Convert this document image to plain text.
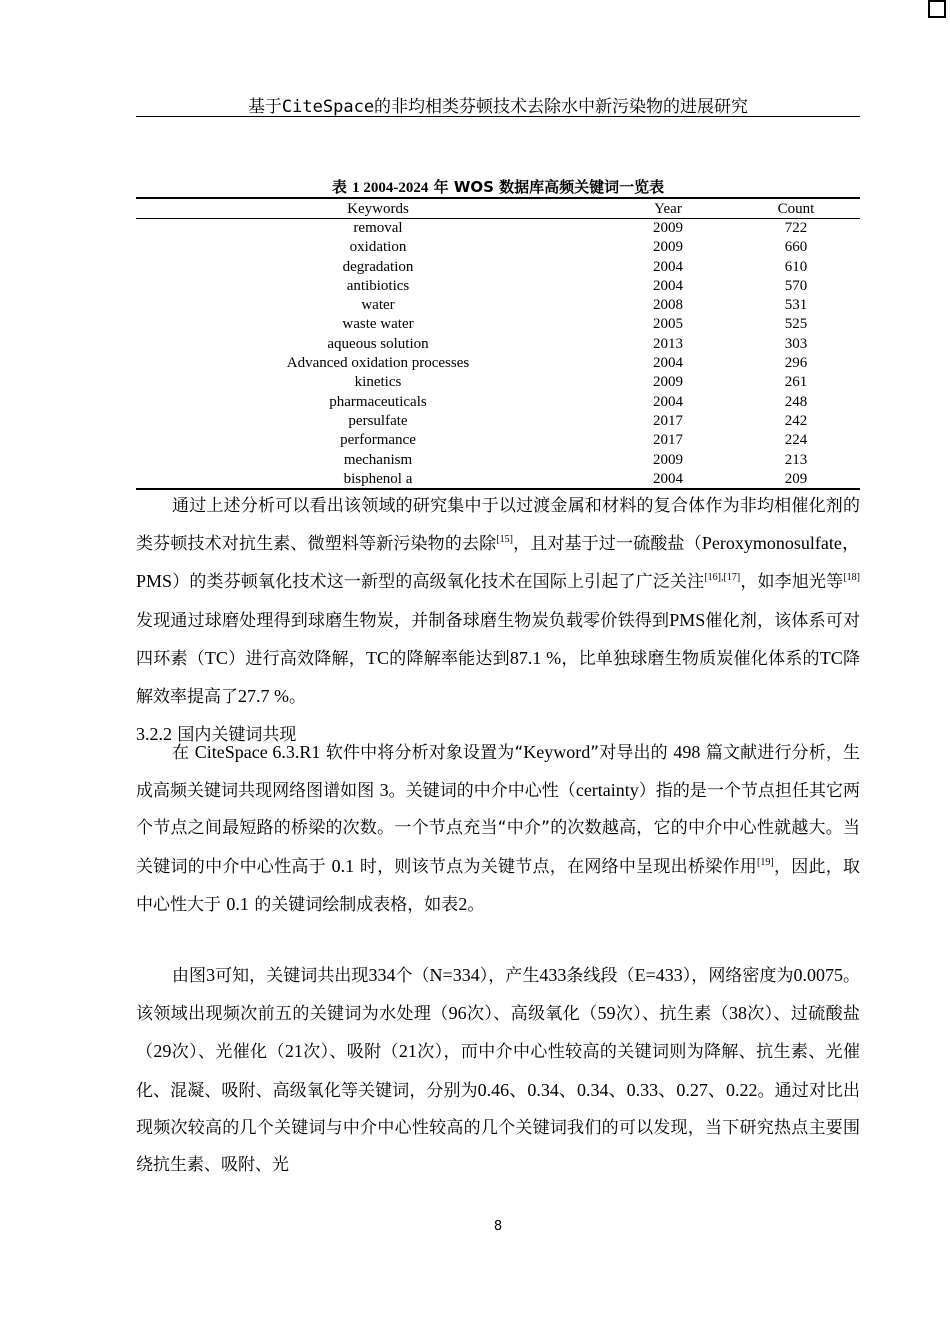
基于CiteSpace的非均相类芬顿技术去除水中新污染物的进展研究
表 1 2004-2024 年 WOS 数据库高频关键词一览表
Keywords	Year	Count
removal	2009	722
oxidation	2009	660
degradation	2004	610
antibiotics	2004	570
water	2008	531
waste water	2005	525
aqueous solution	2013	303
Advanced oxidation processes	2004	296
kinetics	2009	261
pharmaceuticals	2004	248
persulfate	2017	242
performance	2017	224
mechanism	2009	213
bisphenol a	2004	209

通过上述分析可以看出该领域的研究集中于以过渡金属和材料的复合体作为非均相催化剂的类芬顿技术对抗生素、微塑料等新污染物的去除[15]，且对基于过一硫酸盐（Peroxymonosulfate，PMS）的类芬顿氧化技术这一新型的高级氧化技术在国际上引起了广泛关注[16],[17]，如李旭光等[18]发现通过球磨处理得到球磨生物炭，并制备球磨生物炭负载零价铁得到PMS催化剂，该体系可对四环素（TC）进行高效降解，TC的降解率能达到87.1 %，比单独球磨生物质炭催化体系的TC降解效率提高了27.7 %。

3.2.2 国内关键词共现

在 CiteSpace 6.3.R1 软件中将分析对象设置为“Keyword”对导出的 498 篇文献进行分析，生成高频关键词共现网络图谱如图 3。关键词的中介中心性（certainty）指的是一个节点担任其它两个节点之间最短路的桥梁的次数。一个节点充当“中介”的次数越高，它的中介中心性就越大。当关键词的中介中心性高于 0.1 时，则该节点为关键节点，在网络中呈现出桥梁作用[19]，因此，取中心性大于 0.1 的关键词绘制成表格，如表2。

由图3可知，关键词共出现334个（N=334），产生433条线段（E=433），网络密度为0.0075。该领域出现频次前五的关键词为水处理（96次）、高级氧化（59次）、抗生素（38次）、过硫酸盐（29次）、光催化（21次）、吸附（21次），而中介中心性较高的关键词则为降解、抗生素、光催化、混凝、吸附、高级氧化等关键词，分别为0.46、0.34、0.34、0.33、0.27、0.22。通过对比出现频次较高的几个关键词与中介中心性较高的几个关键词我们的可以发现，当下研究热点主要围绕抗生素、吸附、光

8
